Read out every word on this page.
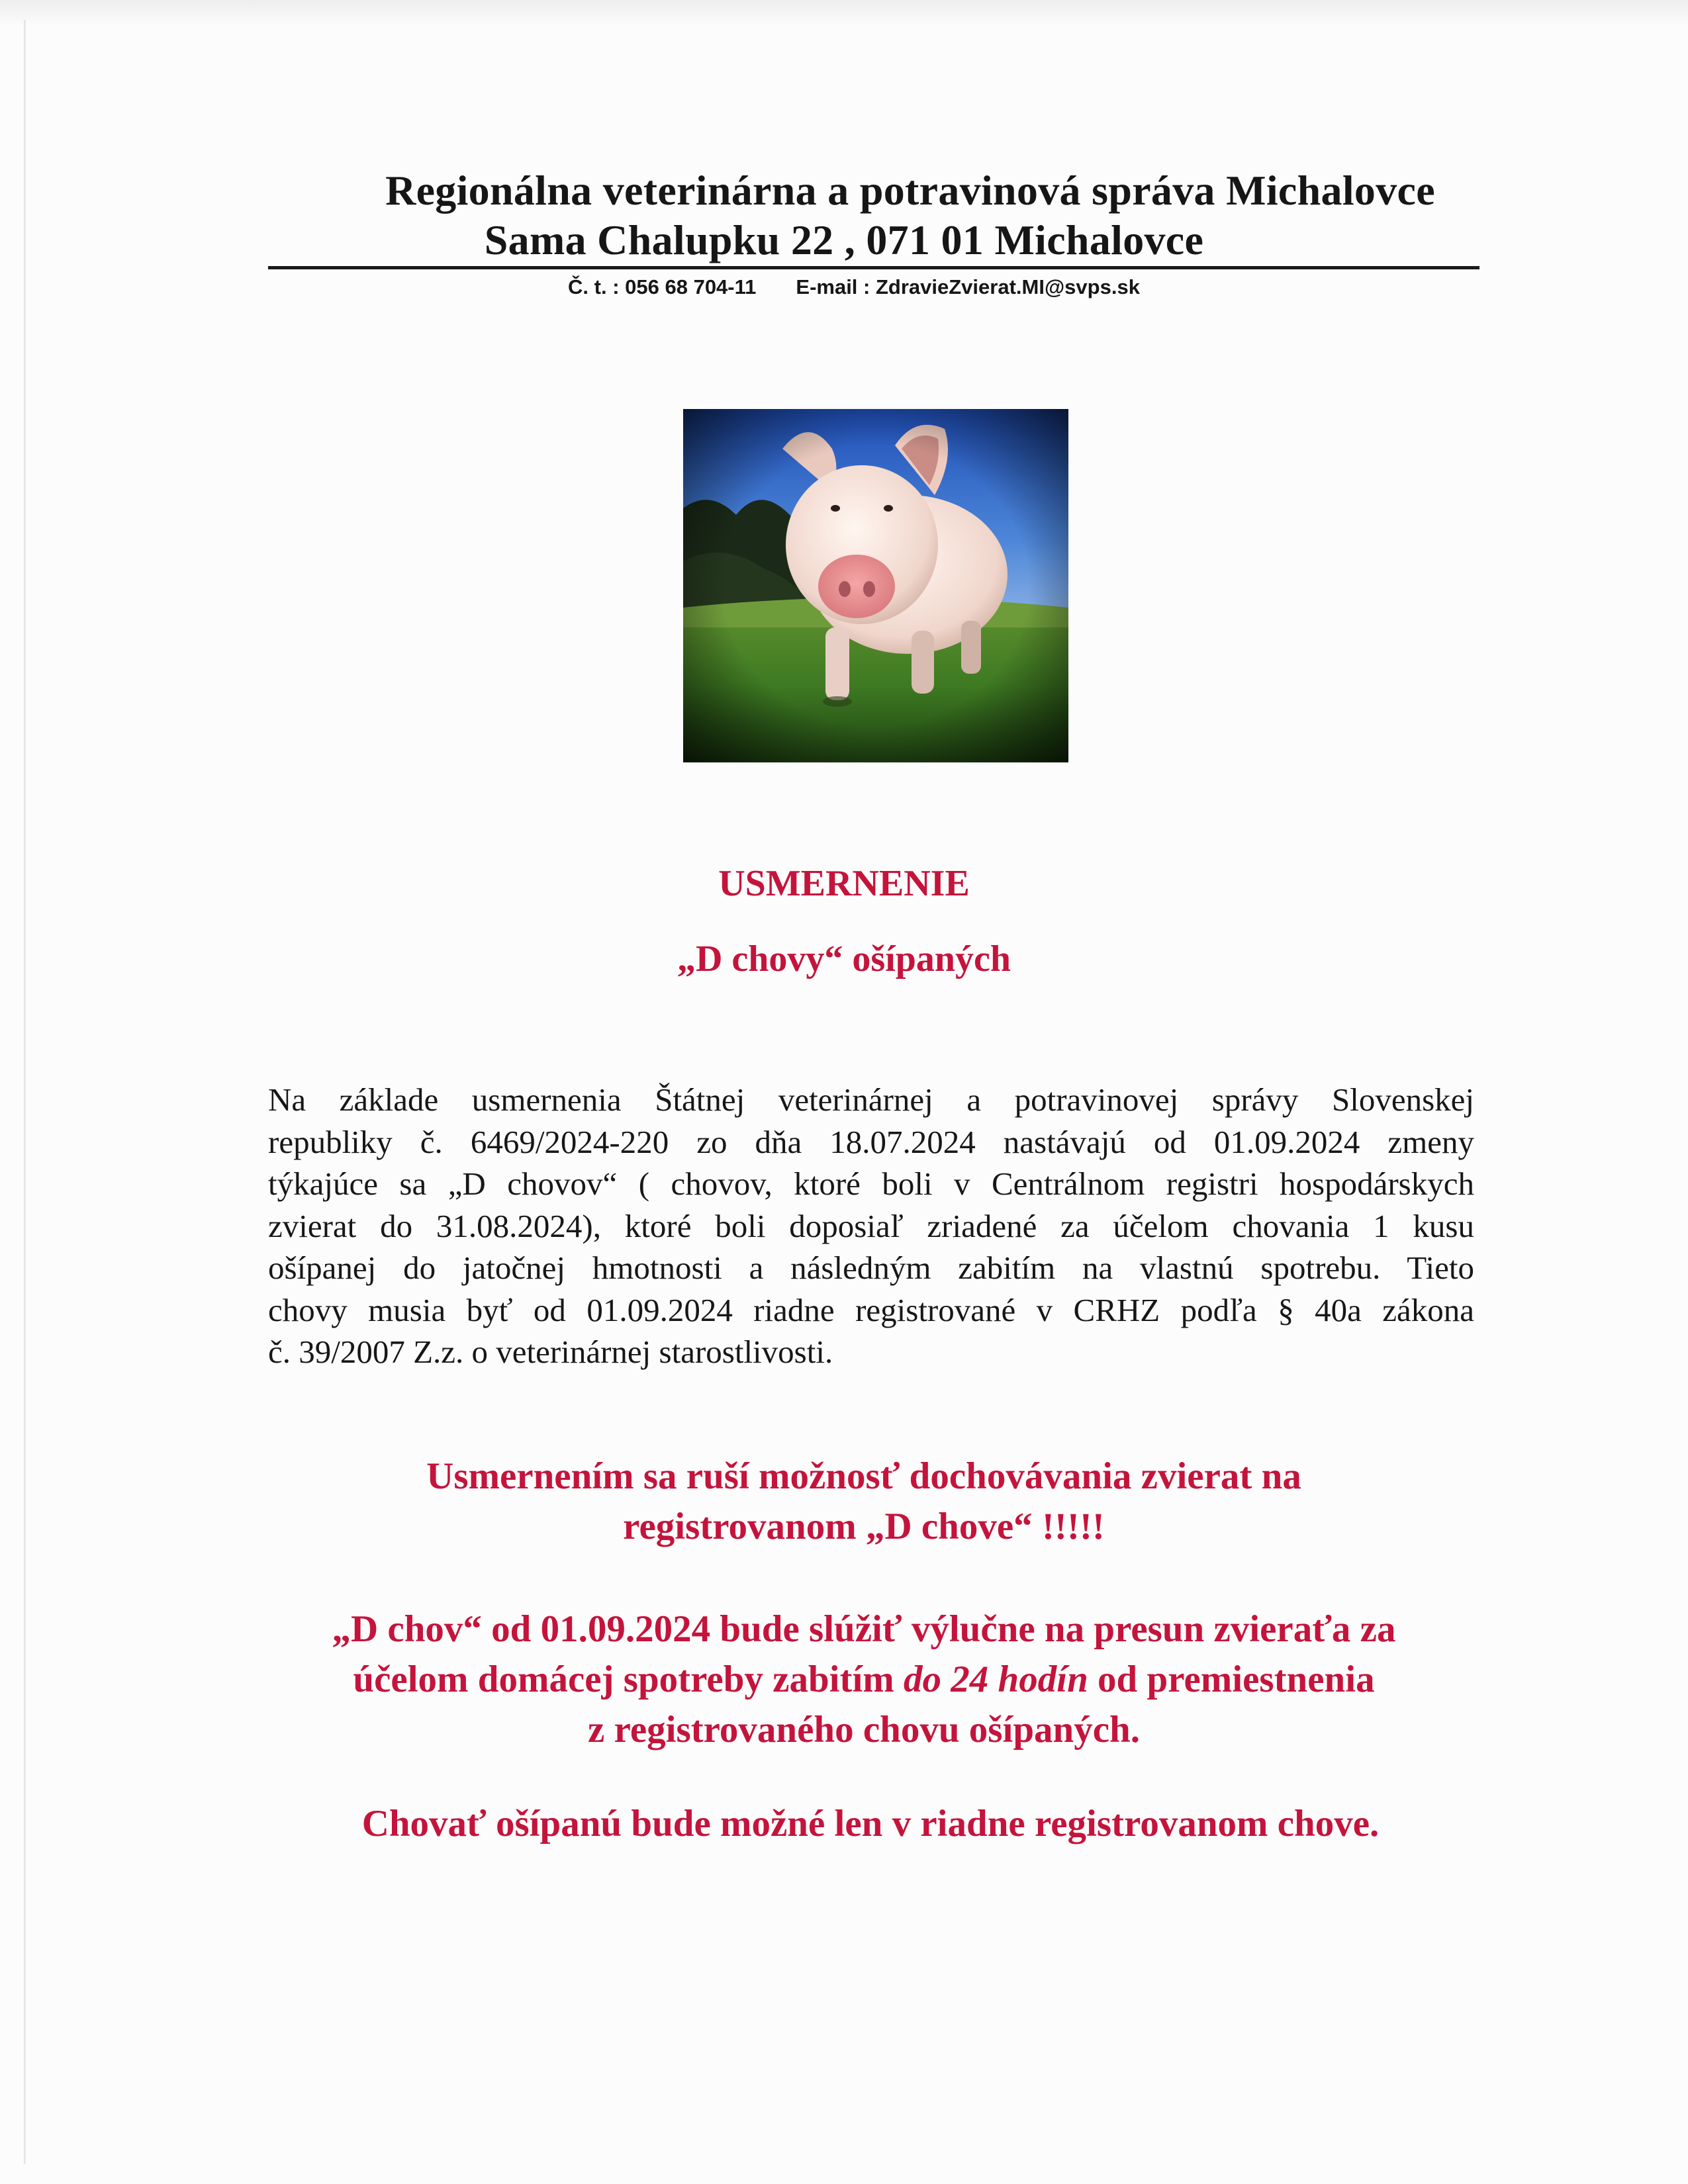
Regionálna veterinárna a potravinová správa Michalovce
Sama Chalupku 22 , 071 01 Michalovce
Č. t. : 056 68 704-11 E-mail : ZdravieZvierat.MI@svps.sk
USMERNENIE
„D chovy“ ošípaných
Na základe usmernenia Štátnej veterinárnej a potravinovej správy Slovenskej
republiky č. 6469/2024-220 zo dňa 18.07.2024 nastávajú od 01.09.2024 zmeny
týkajúce sa „D chovov“ ( chovov, ktoré boli v Centrálnom registri hospodárskych
zvierat do 31.08.2024), ktoré boli doposiaľ zriadené za účelom chovania 1 kusu
ošípanej do jatočnej hmotnosti a následným zabitím na vlastnú spotrebu. Tieto
chovy musia byť od 01.09.2024 riadne registrované v CRHZ podľa § 40a zákona
č. 39/2007 Z.z. o veterinárnej starostlivosti.
Usmernením sa ruší možnosť dochovávania zvierat na
registrovanom „D chove“ !!!!!
„D chov“ od 01.09.2024 bude slúžiť výlučne na presun zvieraťa za
účelom domácej spotreby zabitím do 24 hodín od premiestnenia
z registrovaného chovu ošípaných.
Chovať ošípanú bude možné len v riadne registrovanom chove.
